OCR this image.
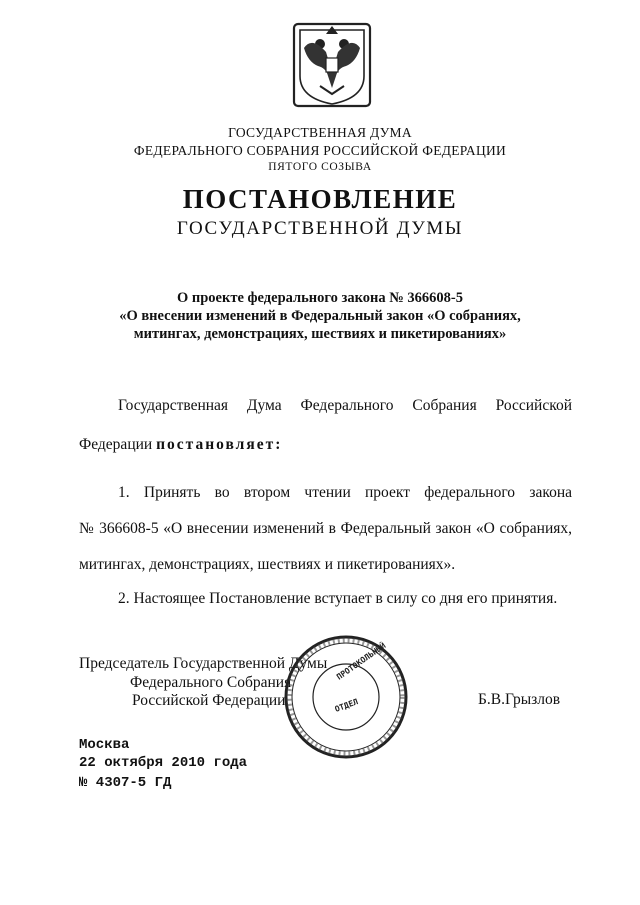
ГОСУДАРСТВЕННАЯ ДУМА
ФЕДЕРАЛЬНОГО СОБРАНИЯ РОССИЙСКОЙ ФЕДЕРАЦИИ
ПЯТОГО СОЗЫВА
ПОСТАНОВЛЕНИЕ
ГОСУДАРСТВЕННОЙ ДУМЫ
О проекте федерального закона № 366608-5
«О внесении изменений в Федеральный закон «О собраниях,
митингах, демонстрациях, шествиях и пикетированиях»
Государственная Дума Федерального Собрания Российской
Федерации постановляет:
1. Принять во втором чтении проект федерального закона
№ 366608-5 «О внесении изменений в Федеральный закон «О собраниях,
митингах, демонстрациях, шествиях и пикетированиях».
2. Настоящее Постановление вступает в силу со дня его принятия.
Председатель Государственной Думы
Федерального Собрания
Российской Федерации	Б.В.Грызлов
ПРОТОКОЛЬНЫЙ
ОТДЕЛ
Москва
22 октября 2010 года
№ 4307-5 ГД
